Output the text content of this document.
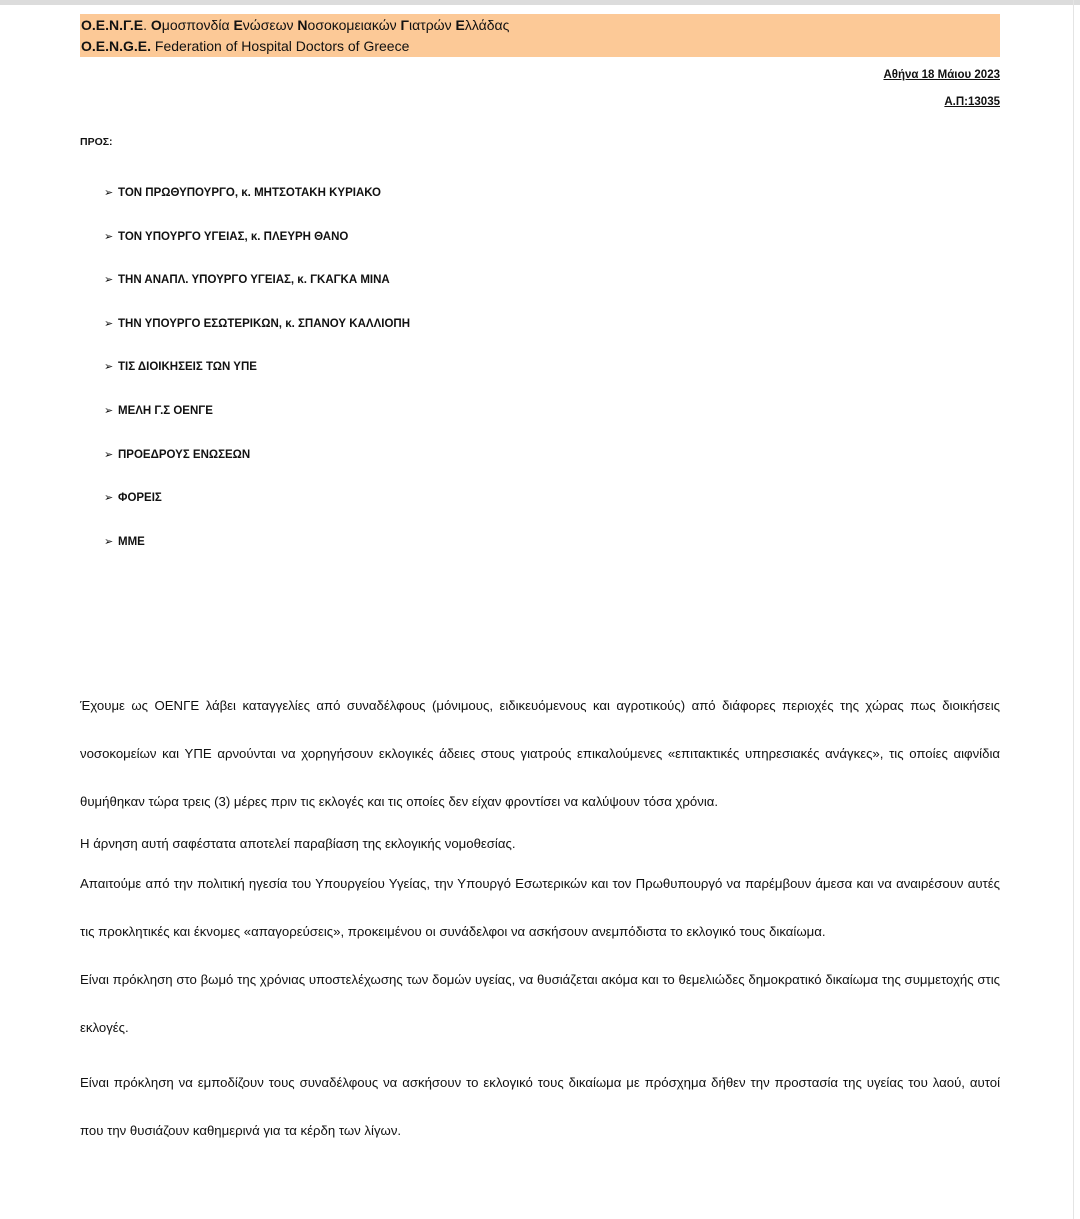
Ο.Ε.Ν.Γ.Ε. Ομοσπονδία Ενώσεων Νοσοκομειακών Γιατρών Ελλάδας
O.E.N.G.E. Federation of Hospital Doctors of Greece
Αθήνα 18 Μάιου 2023
Α.Π:13035
ΠΡΟΣ:
➢ ΤΟΝ ΠΡΩΘΥΠΟΥΡΓΟ, κ. ΜΗΤΣΟΤΑΚΗ ΚΥΡΙΑΚΟ
➢ ΤΟΝ ΥΠΟΥΡΓΟ ΥΓΕΙΑΣ, κ. ΠΛΕΥΡΗ ΘΑΝΟ
➢ ΤΗΝ ΑΝΑΠΛ. ΥΠΟΥΡΓΟ ΥΓΕΙΑΣ, κ. ΓΚΑΓΚΑ ΜΙΝΑ
➢ ΤΗΝ ΥΠΟΥΡΓΟ ΕΣΩΤΕΡΙΚΩΝ, κ. ΣΠΑΝΟΥ ΚΑΛΛΙΟΠΗ
➢ ΤΙΣ ΔΙΟΙΚΗΣΕΙΣ ΤΩΝ ΥΠΕ
➢ ΜΕΛΗ Γ.Σ ΟΕΝΓΕ
➢ ΠΡΟΕΔΡΟΥΣ ΕΝΩΣΕΩΝ
➢ ΦΟΡΕΙΣ
➢ ΜΜΕ

Έχουμε ως ΟΕΝΓΕ λάβει καταγγελίες από συναδέλφους (μόνιμους, ειδικευόμενους και αγροτικούς) από διάφορες περιοχές της χώρας πως διοικήσεις νοσοκομείων και ΥΠΕ αρνούνται να χορηγήσουν εκλογικές άδειες στους γιατρούς επικαλούμενες «επιτακτικές υπηρεσιακές ανάγκες», τις οποίες αιφνίδια θυμήθηκαν τώρα τρεις (3) μέρες πριν τις εκλογές και τις οποίες δεν είχαν φροντίσει να καλύψουν τόσα χρόνια.

Η άρνηση αυτή σαφέστατα αποτελεί παραβίαση της εκλογικής νομοθεσίας.

Απαιτούμε από την πολιτική ηγεσία του Υπουργείου Υγείας, την Υπουργό Εσωτερικών και τον Πρωθυπουργό να παρέμβουν άμεσα και να αναιρέσουν αυτές τις προκλητικές και έκνομες «απαγορεύσεις», προκειμένου οι συνάδελφοι να ασκήσουν ανεμπόδιστα το εκλογικό τους δικαίωμα.

Είναι πρόκληση στο βωμό της χρόνιας υποστελέχωσης των δομών υγείας, να θυσιάζεται ακόμα και το θεμελιώδες δημοκρατικό δικαίωμα της συμμετοχής στις εκλογές.

Είναι πρόκληση να εμποδίζουν τους συναδέλφους να ασκήσουν το εκλογικό τους δικαίωμα με πρόσχημα δήθεν την προστασία της υγείας του λαού, αυτοί που την θυσιάζουν καθημερινά για τα κέρδη των λίγων.
